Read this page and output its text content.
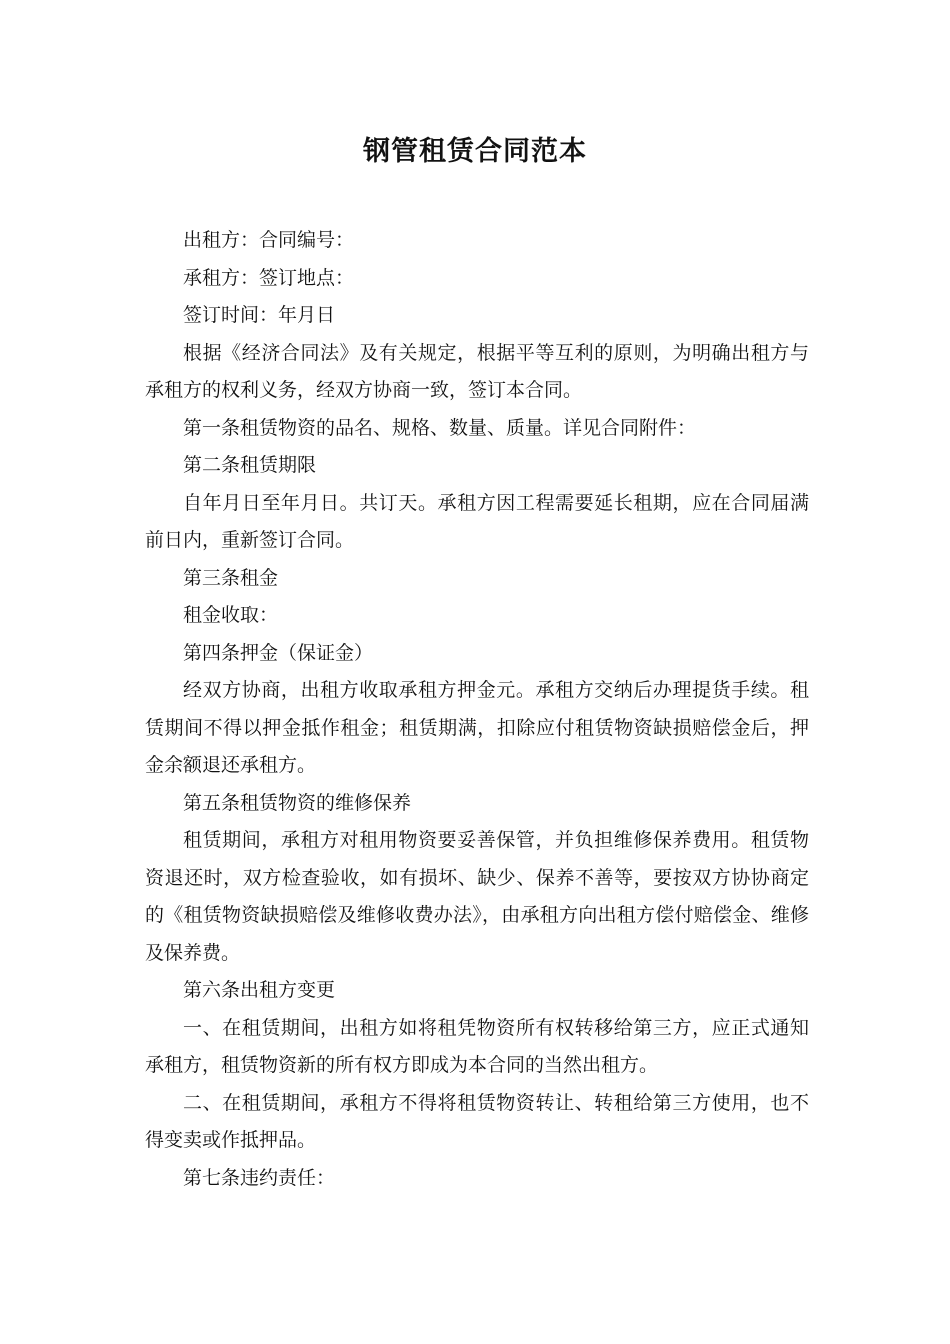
钢管租赁合同范本

出租方：合同编号：

承租方：签订地点：

签订时间：年月日

根据《经济合同法》及有关规定，根据平等互利的原则，为明确出租方与承租方的权利义务，经双方协商一致，签订本合同。

第一条租赁物资的品名、规格、数量、质量。详见合同附件：

第二条租赁期限

自年月日至年月日。共订天。承租方因工程需要延长租期，应在合同届满前日内，重新签订合同。

第三条租金

租金收取：

第四条押金（保证金）

经双方协商，出租方收取承租方押金元。承租方交纳后办理提货手续。租赁期间不得以押金抵作租金；租赁期满，扣除应付租赁物资缺损赔偿金后，押金余额退还承租方。

第五条租赁物资的维修保养

租赁期间，承租方对租用物资要妥善保管，并负担维修保养费用。租赁物资退还时，双方检查验收，如有损坏、缺少、保养不善等，要按双方协协商定的《租赁物资缺损赔偿及维修收费办法》，由承租方向出租方偿付赔偿金、维修及保养费。

第六条出租方变更

一、在租赁期间，出租方如将租凭物资所有权转移给第三方，应正式通知承租方，租赁物资新的所有权方即成为本合同的当然出租方。

二、在租赁期间，承租方不得将租赁物资转让、转租给第三方使用，也不得变卖或作抵押品。

第七条违约责任：
